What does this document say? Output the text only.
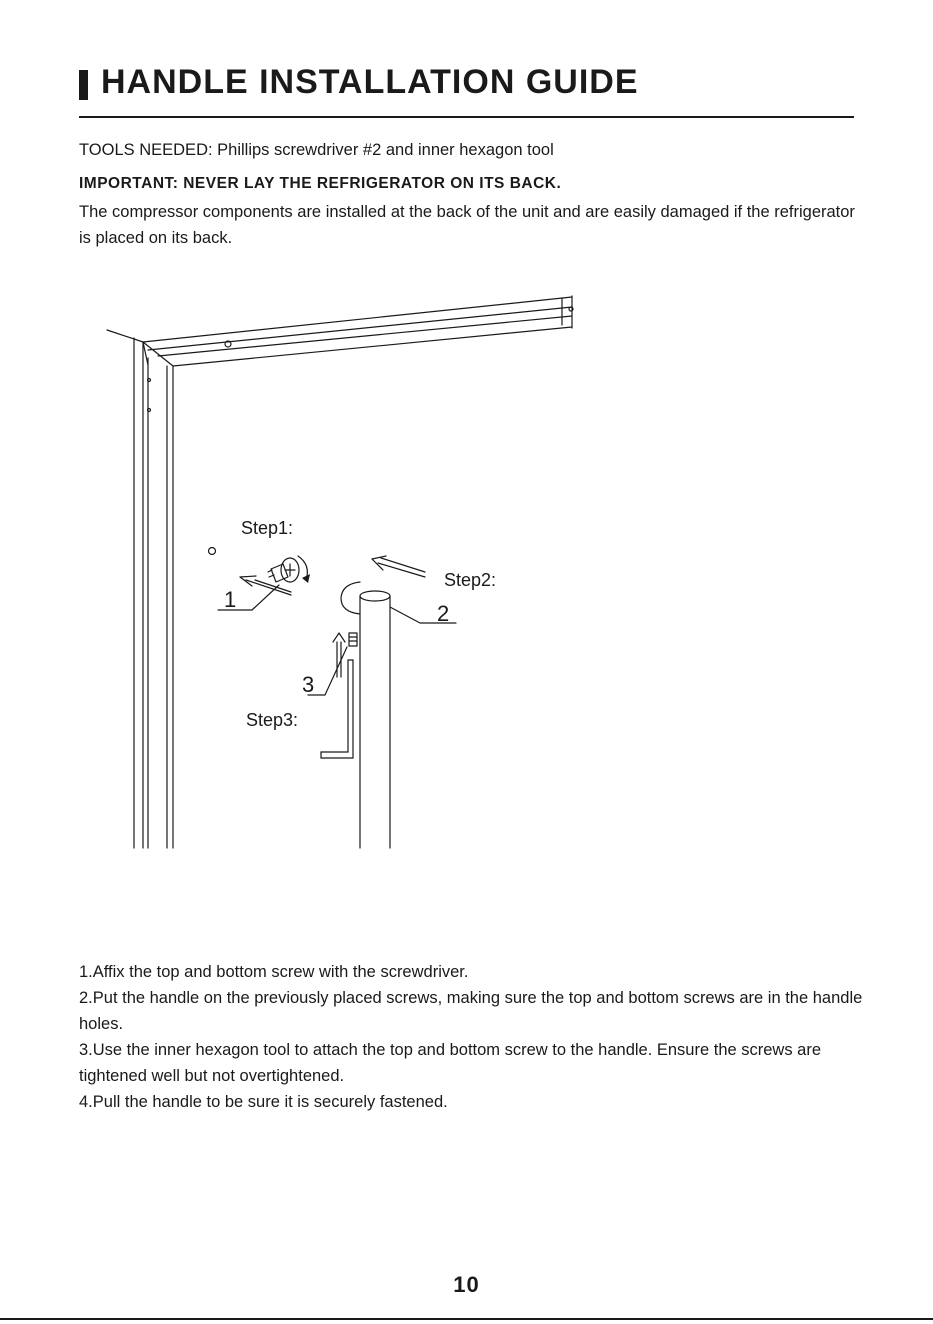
HANDLE INSTALLATION GUIDE
TOOLS NEEDED: Phillips screwdriver #2 and inner hexagon tool
IMPORTANT: NEVER LAY THE REFRIGERATOR ON ITS BACK.
The compressor components are installed at the back of the unit and are easily damaged if the refrigerator is placed on its back.
Step1:
Step2:
Step3:
1
2
3

1.Affix the top and bottom screw with the screwdriver.

2.Put the handle on the previously placed screws, making sure the top and bottom screws are in the handle holes.

3.Use the inner hexagon tool to attach the top and bottom screw to the handle. Ensure the screws are tightened well but not overtightened.

4.Pull the handle to be sure it is securely fastened.

10
